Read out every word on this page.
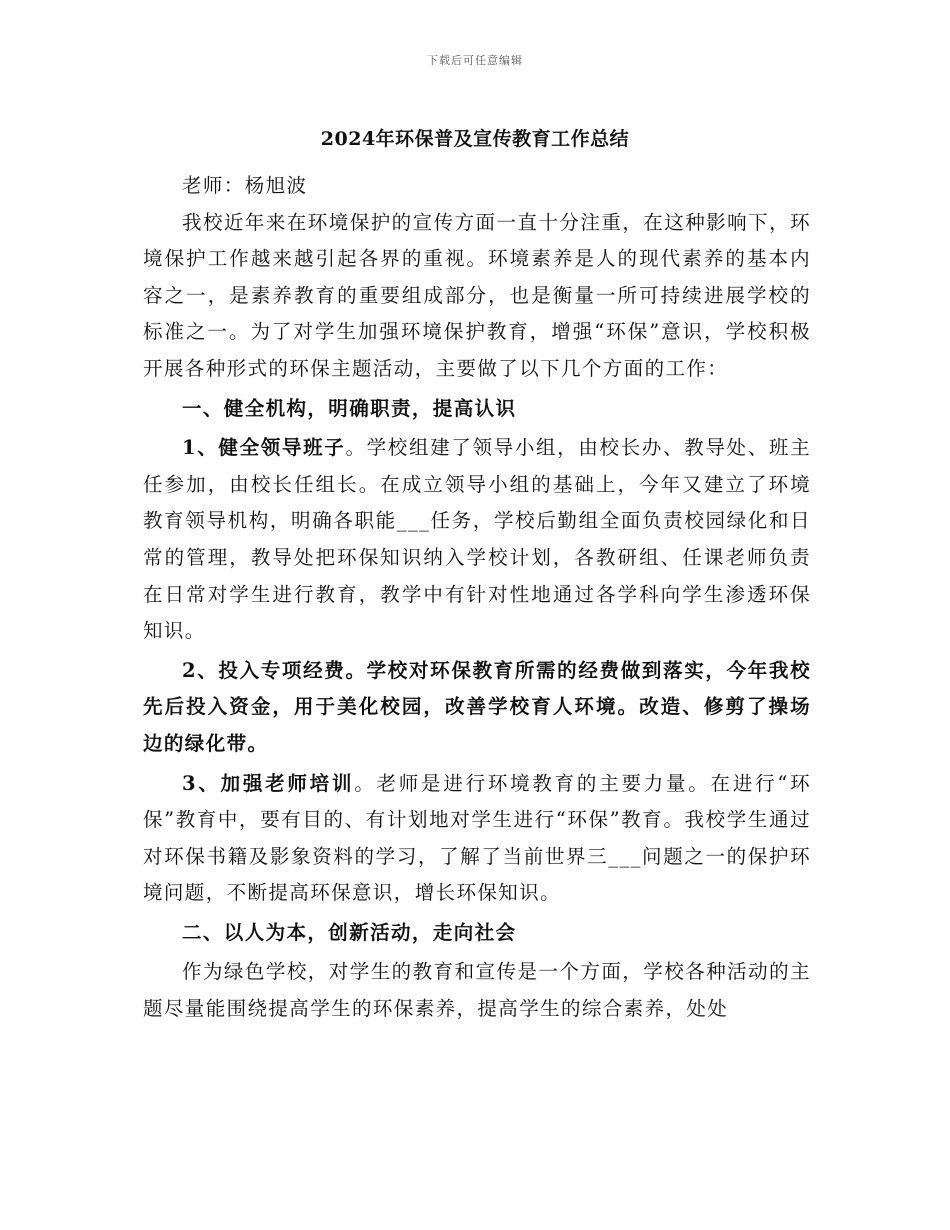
下载后可任意编辑
2024年环保普及宣传教育工作总结

老师：杨旭波

我校近年来在环境保护的宣传方面一直十分注重，在这种影响下，环境保护工作越来越引起各界的重视。环境素养是人的现代素养的基本内容之一，是素养教育的重要组成部分，也是衡量一所可持续进展学校的标准之一。为了对学生加强环境保护教育，增强“环保”意识，学校积极开展各种形式的环保主题活动，主要做了以下几个方面的工作：

一、健全机构，明确职责，提高认识

1、健全领导班子。学校组建了领导小组，由校长办、教导处、班主任参加，由校长任组长。在成立领导小组的基础上，今年又建立了环境教育领导机构，明确各职能___任务，学校后勤组全面负责校园绿化和日常的管理，教导处把环保知识纳入学校计划，各教研组、任课老师负责在日常对学生进行教育，教学中有针对性地通过各学科向学生渗透环保知识。

2、投入专项经费。学校对环保教育所需的经费做到落实，今年我校先后投入资金，用于美化校园，改善学校育人环境。改造、修剪了操场边的绿化带。

3、加强老师培训。老师是进行环境教育的主要力量。在进行“环保”教育中，要有目的、有计划地对学生进行“环保”教育。我校学生通过对环保书籍及影象资料的学习，了解了当前世界三___问题之一的保护环境问题，不断提高环保意识，增长环保知识。

二、以人为本，创新活动，走向社会

作为绿色学校，对学生的教育和宣传是一个方面，学校各种活动的主题尽量能围绕提高学生的环保素养，提高学生的综合素养，处处
